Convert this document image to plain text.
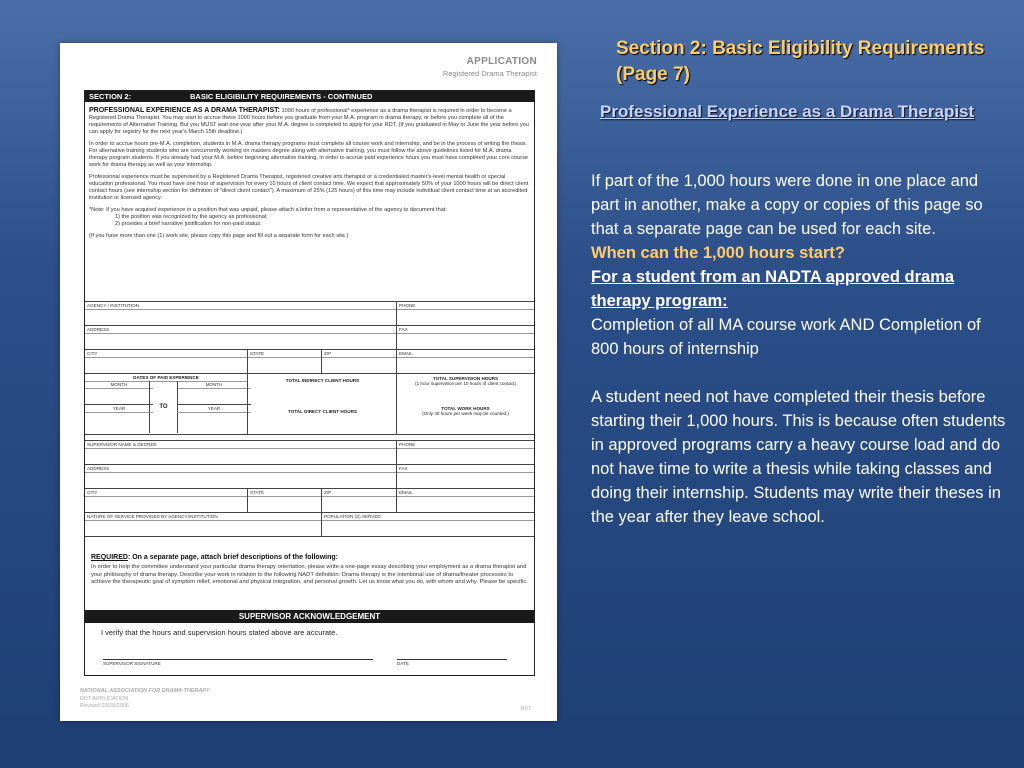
APPLICATION
Registered Drama Therapist
SECTION 2:	BASIC ELIGIBILITY REQUIREMENTS - CONTINUED

PROFESSIONAL EXPERIENCE AS A DRAMA THERAPIST: 1000 hours of professional* experience as a drama therapist is required in order to become a Registered Drama Therapist. You may start to accrue these 1000 hours before you graduate from your M.A. program in drama therapy, or before you complete all of the requirements of Alternative Training. But you MUST wait one year after your M.A. degree is completed to apply for your RDT. (If you graduated in May or June the year before you can apply for registry for the next year's March 15th deadline.)

In order to accrue hours pre-M.A. completion, students in M.A. drama therapy programs must complete all course work and internship, and be in the process of writing the thesis. For alternative training students who are concurrently working on masters degree along with alternative training, you must follow the above guidelines listed for M.A. drama therapy program students. If you already had your M.A. before beginning alternative training, in order to accrue paid experience hours you must have completed your core course work for drama therapy as well as your internship.

Professional experience must be supervised by a Registered Drama Therapist, registered creative arts therapist or a credentialed master's-level mental health or special education professional. You must have one hour of supervision for every 10 hours of client contact time. We expect that approximately 50% of your 1000 hours will be direct client contact hours (see internship section for definition of "direct client contact"). A maximum of 25% (125 hours) of this time may include individual client contact time at an accredited institution or licensed agency.

*Note: If you have acquired experience in a position that was unpaid, please attach a letter from a representative of the agency to document that:

1) the position was recognized by the agency as professional;

2) provides a brief narrative justification for non-paid status.

(If you have more than one (1) work site, please copy this page and fill out a separate form for each site.)

AGENCY / INSTITUTION	PHONE
ADDRESS	FAX
CITY	STATE	ZIP	EMAIL
DATES OF PAID EXPERIENCE
MONTH	MONTH
TO
YEAR	YEAR
TOTAL INDIRECT CLIENT HOURS
TOTAL DIRECT CLIENT HOURS
TOTAL SUPERVISION HOURS
(1 hour supervision per 10 hours of client contact)
TOTAL WORK HOURS
(Only 40 hours per week may be counted.)
SUPERVISOR NAME & DEGREE	PHONE
ADDRESS	FAX
CITY	STATE	ZIP	EMAIL
NATURE OF SERVICE PROVIDED BY AGENCY/INSTITUTION	POPULATION (S) SERVED
REQUIRED: On a separate page, attach brief descriptions of the following:

In order to help the committee understand your particular drama therapy orientation, please write a one-page essay describing your employment as a drama therapist and your philosophy of drama therapy. Describe your work in relation to the following NADT definition: Drama therapy is the intentional use of drama/theater processes to achieve the therapeutic goal of symptom relief, emotional and physical integration, and personal growth. Let us know what you do, with whom and why. Please be specific.

SUPERVISOR ACKNOWLEDGEMENT
I verify that the hours and supervision hours stated above are accurate.
SUPERVISOR SIGNATURE	DATE
NATIONAL ASSOCIATION FOR DRAMA THERAPY
RDT APPLICATION
Revised 03/28/2006	R07
Section 2: Basic Eligibility Requirements (Page 7)
Professional Experience as a Drama Therapist

If part of the 1,000 hours were done in one place and part in another, make a copy or copies of this page so that a separate page can be used for each site.

When can the 1,000 hours start?

For a student from an NADTA approved drama therapy program:

Completion of all MA course work AND Completion of 800 hours of internship

A student need not have completed their thesis before starting their 1,000 hours. This is because often students in approved programs carry a heavy course load and do not have time to write a thesis while taking classes and doing their internship. Students may write their theses in the year after they leave school.
